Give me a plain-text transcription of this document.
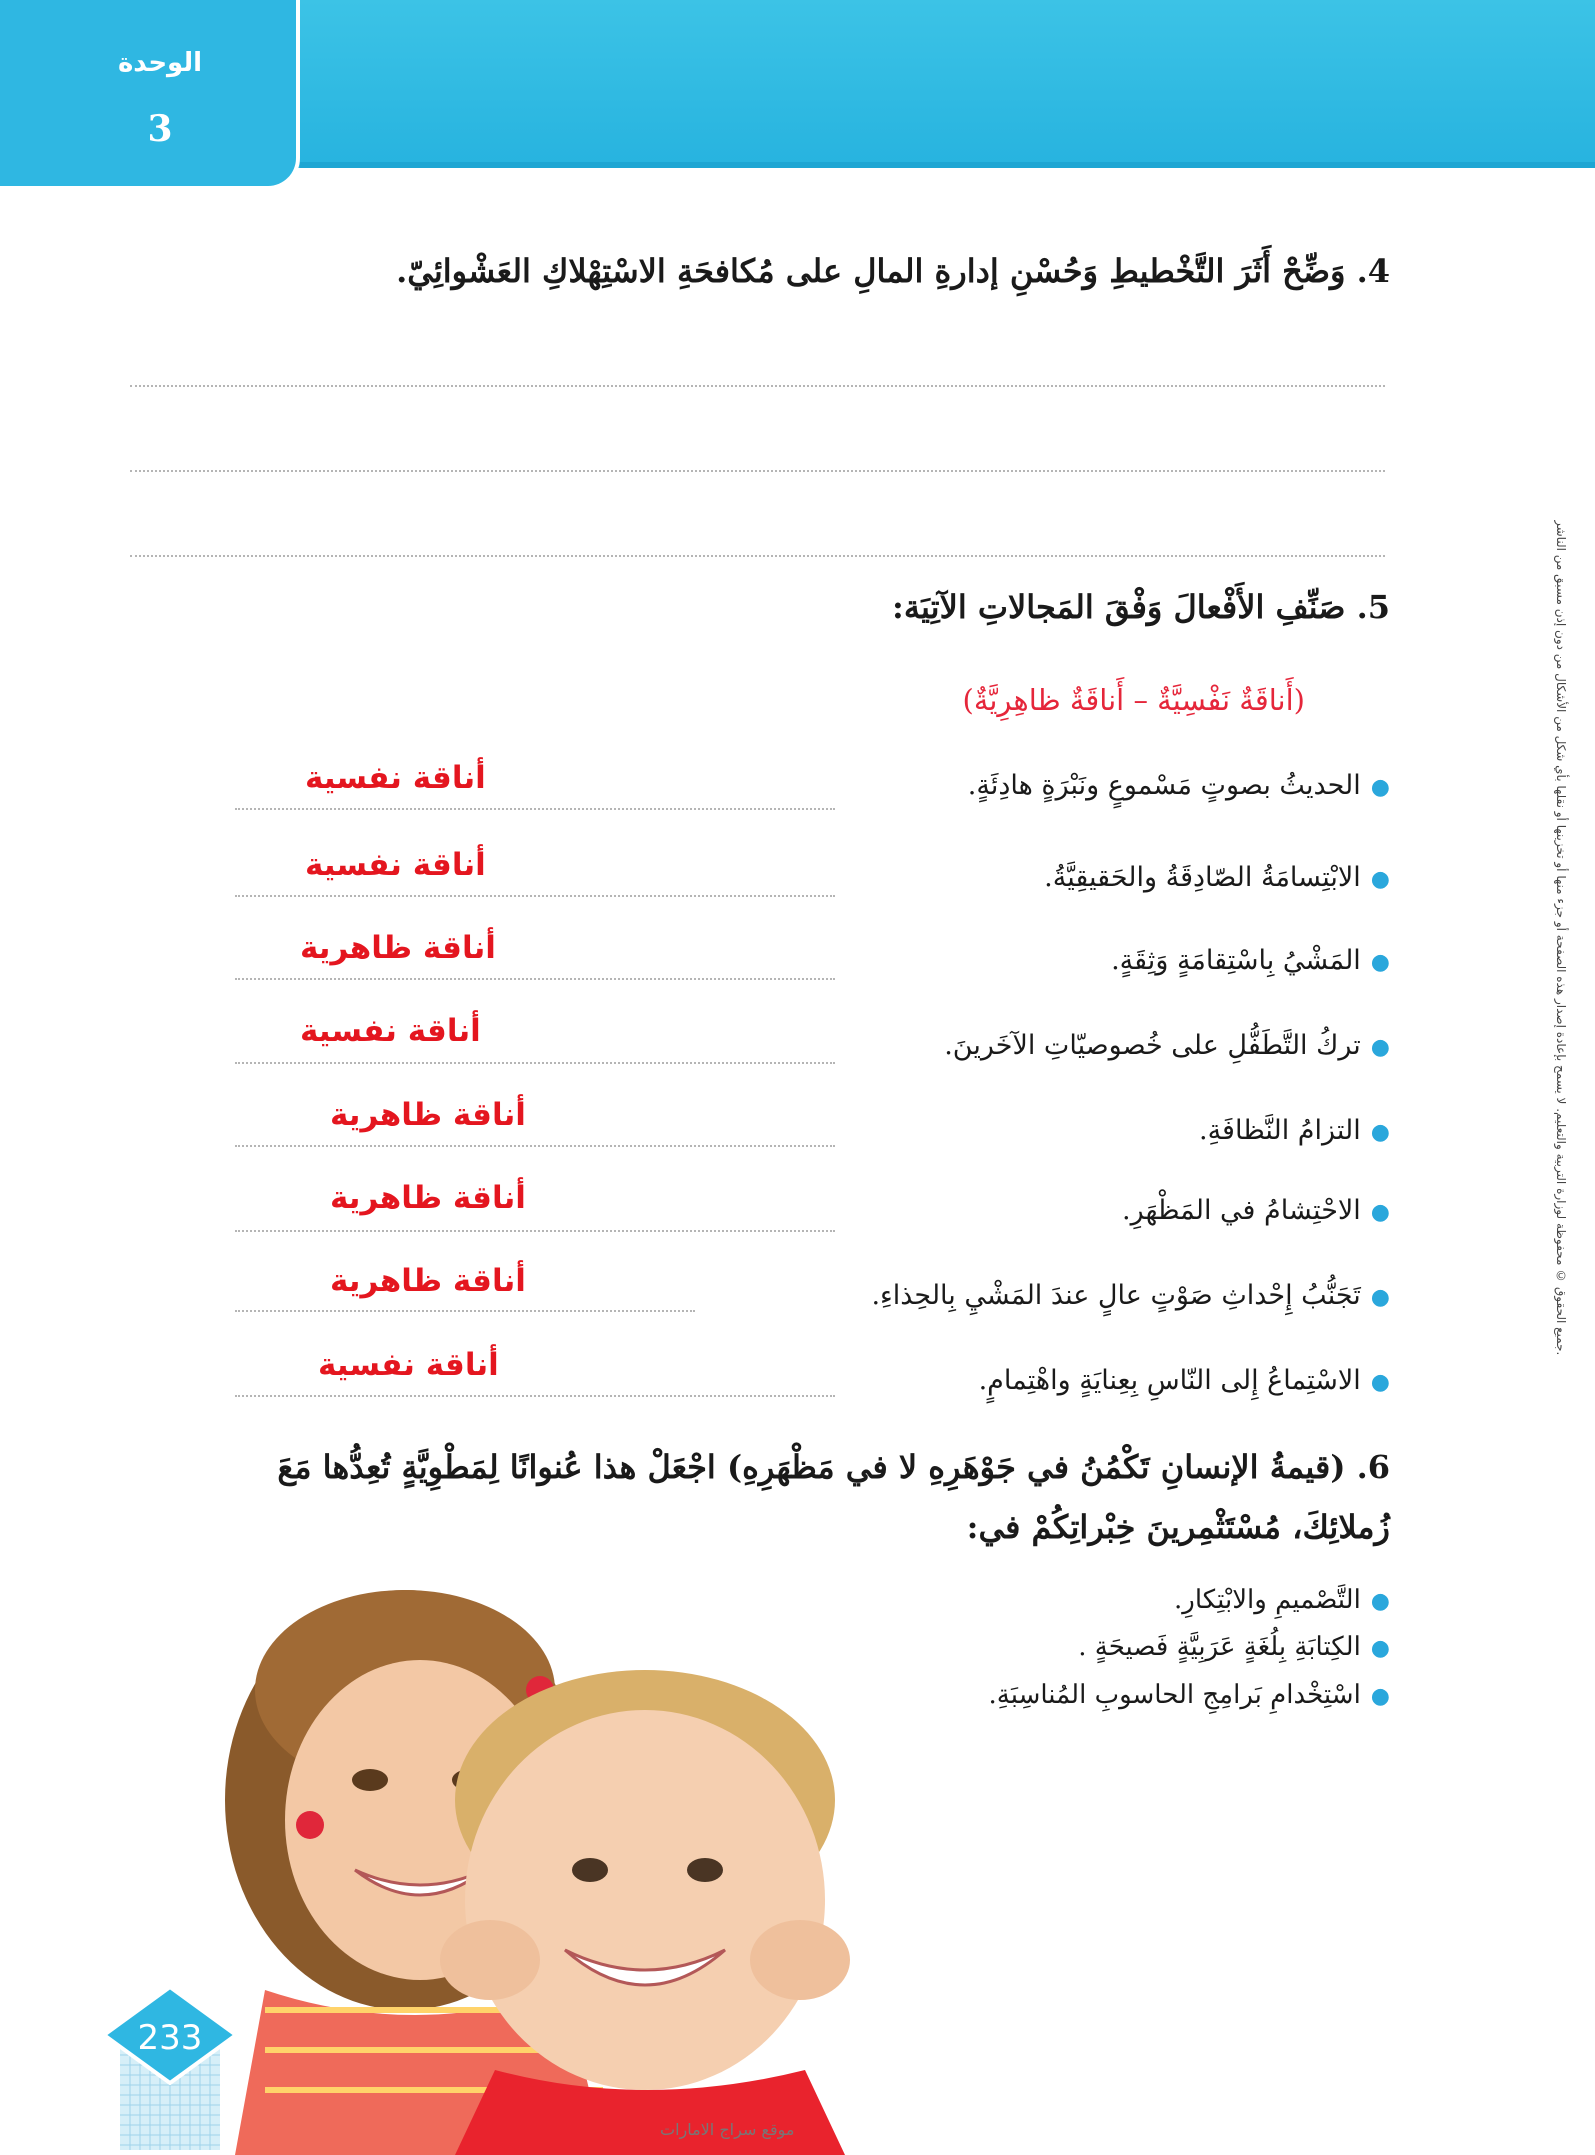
الوحدة
3
جميع الحقوق © محفوظة لوزارة التربية والتعليم. لا يسمح بإعادة إصدار هذه الصفحة أو جزء منها أو تخزينها أو نقلها بأي شكل من الأشكال من دون إذن مسبق من الناشر.
4. وَضِّحْ أَثَرَ التَّخْطيطِ وَحُسْنِ إدارةِ المالِ على مُكافحَةِ الاسْتِهْلاكِ العَشْوائِيّ.
5. صَنِّفِ الأَفْعالَ وَفْقَ المَجالاتِ الآتِيَة:
(أَناقَةٌ نَفْسِيَّةٌ – أَناقَةٌ ظاهِرِيَّةٌ)
●الحديثُ بصوتٍ مَسْموعٍ ونَبْرَةٍ هادِئَةٍ.
أناقة نفسية
●الابْتِسامَةُ الصّادِقَةُ والحَقيقِيَّةُ.
أناقة نفسية
●المَشْيُ بِاسْتِقامَةٍ وَثِقَةٍ.
أناقة ظاهرية
●تركُ التَّطَفُّلِ على خُصوصيّاتِ الآخَرينَ.
أناقة نفسية
●التزامُ النَّظافَةِ.
أناقة ظاهرية
●الاحْتِشامُ في المَظْهَرِ.
أناقة ظاهرية
●تَجَنُّبُ إِحْداثِ صَوْتٍ عالٍ عندَ المَشْيِ بِالحِذاءِ.
أناقة ظاهرية
●الاسْتِماعُ إِلى النّاسِ بِعِنايَةٍ واهْتِمامٍ.
أناقة نفسية
6. (قيمةُ الإنسانِ تَكْمُنُ في جَوْهَرِهِ لا في مَظْهَرِهِ) اجْعَلْ هذا عُنوانًا لِمَطْوِيَّةٍ تُعِدُّها مَعَ
زُملائِكَ، مُسْتَثْمِرينَ خِبْراتِكُمْ في:
●التَّصْميمِ والابْتِكارِ.
●الكِتابَةِ بِلُغَةٍ عَرَبِيَّةٍ فَصيحَةٍ .
●اسْتِخْدامِ بَرامِجِ الحاسوبِ المُناسِبَةِ.
233
موقع سراج الامارات
